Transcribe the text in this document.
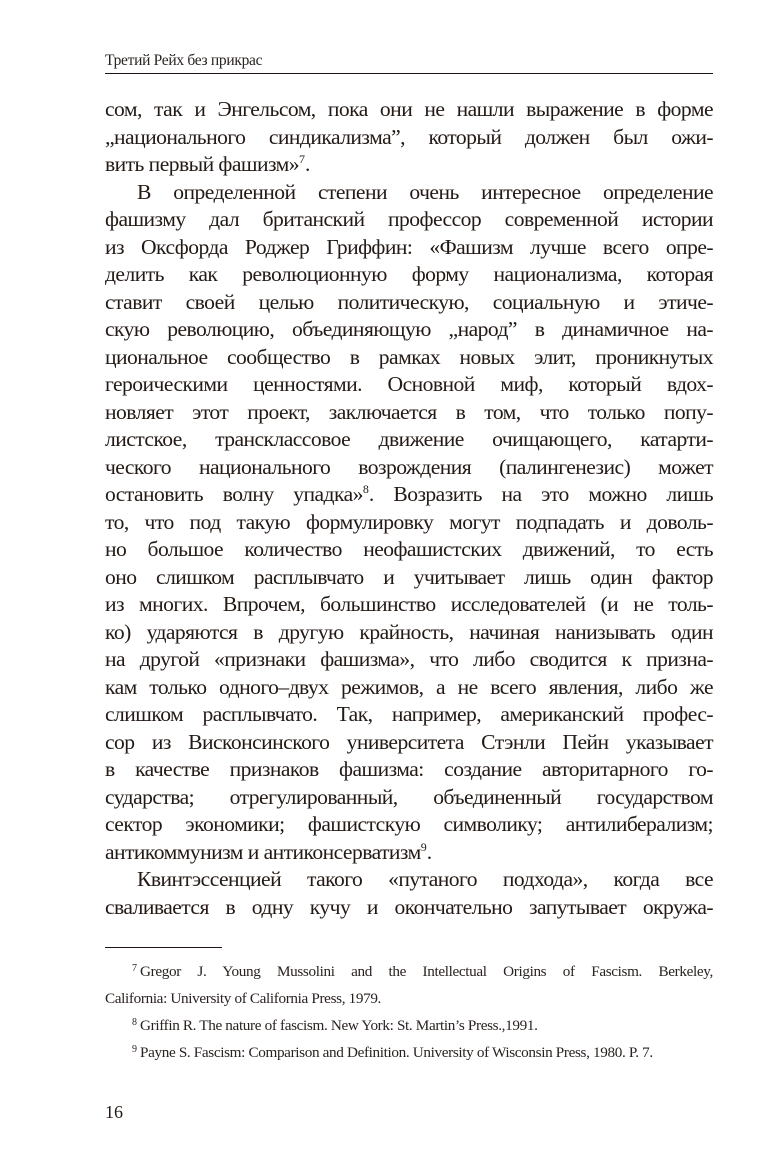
Третий Рейх без прикрас
сом, так и Энгельсом, пока они не нашли выражение в форме
„национального синдикализма”, который должен был ожи-
вить первый фашизм»$^7$.
В определенной степени очень интересное определение
фашизму дал британский профессор современной истории
из Оксфорда Роджер Гриффин: «Фашизм лучше всего опре-
делить как революционную форму национализма, которая
ставит своей целью политическую, социальную и этиче-
скую революцию, объединяющую „народ” в динамичное на-
циональное сообщество в рамках новых элит, проникнутых
героическими ценностями. Основной миф, который вдох-
новляет этот проект, заключается в том, что только попу-
листское, трансклассовое движение очищающего, катарти-
ческого национального возрождения (палингенезис) может
остановить волну упадка»$^8$. Возразить на это можно лишь
то, что под такую формулировку могут подпадать и доволь-
но большое количество неофашистских движений, то есть
оно слишком расплывчато и учитывает лишь один фактор
из многих. Впрочем, большинство исследователей (и не толь-
ко) ударяются в другую крайность, начиная нанизывать один
на другой «признаки фашизма», что либо сводится к призна-
кам только одного–двух режимов, а не всего явления, либо же
слишком расплывчато. Так, например, американский профес-
сор из Висконсинского университета Стэнли Пейн указывает
в качестве признаков фашизма: создание авторитарного го-
сударства; отрегулированный, объединенный государством
сектор экономики; фашистскую символику; антилиберализм;
антикоммунизм и антиконсерватизм$^9$.
Квинтэссенцией такого «путаного подхода», когда все
сваливается в одну кучу и окончательно запутывает окружа-
$^7$ Gregor J. Young Mussolini and the Intellectual Origins of Fascism. Berkeley,
California: University of California Press, 1979.
$^8$ Griffin R. The nature of fascism. New York: St. Martin’s Press.,1991.
$^9$ Payne S. Fascism: Comparison and Definition. University of Wisconsin Press, 1980. P. 7.
16
